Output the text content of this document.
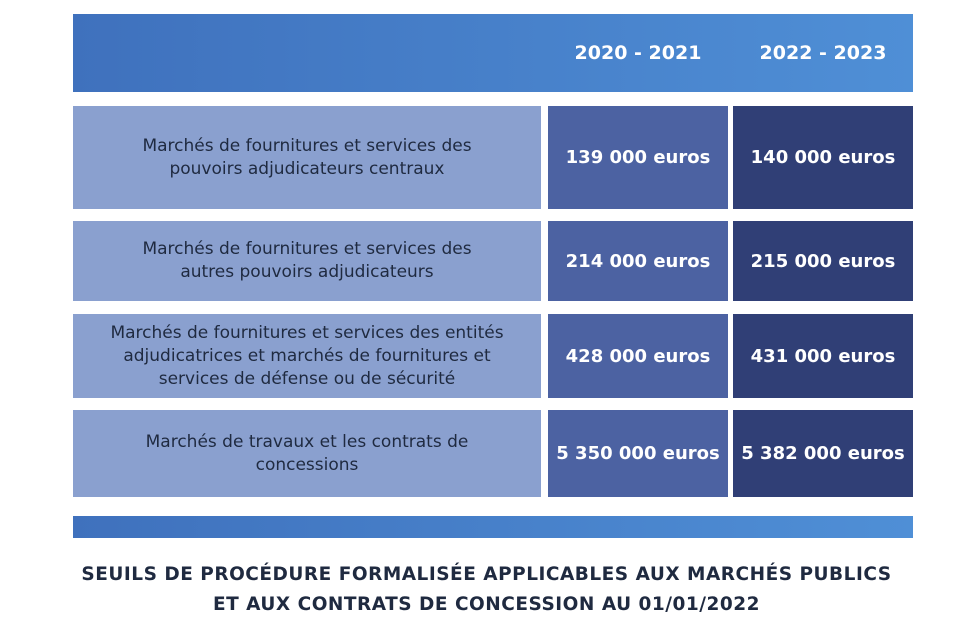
2020 - 2021	2022 - 2023
Marchés de fournitures et services des
pouvoirs adjudicateurs centraux
139 000 euros	140 000 euros
Marchés de fournitures et services des
autres pouvoirs adjudicateurs
214 000 euros	215 000 euros
Marchés de fournitures et services des entités
adjudicatrices et marchés de fournitures et
services de défense ou de sécurité
428 000 euros	431 000 euros
Marchés de travaux et les contrats de
concessions
5 350 000 euros	5 382 000 euros
SEUILS DE PROCÉDURE FORMALISÉE APPLICABLES AUX MARCHÉS PUBLICS
ET AUX CONTRATS DE CONCESSION AU 01/01/2022
